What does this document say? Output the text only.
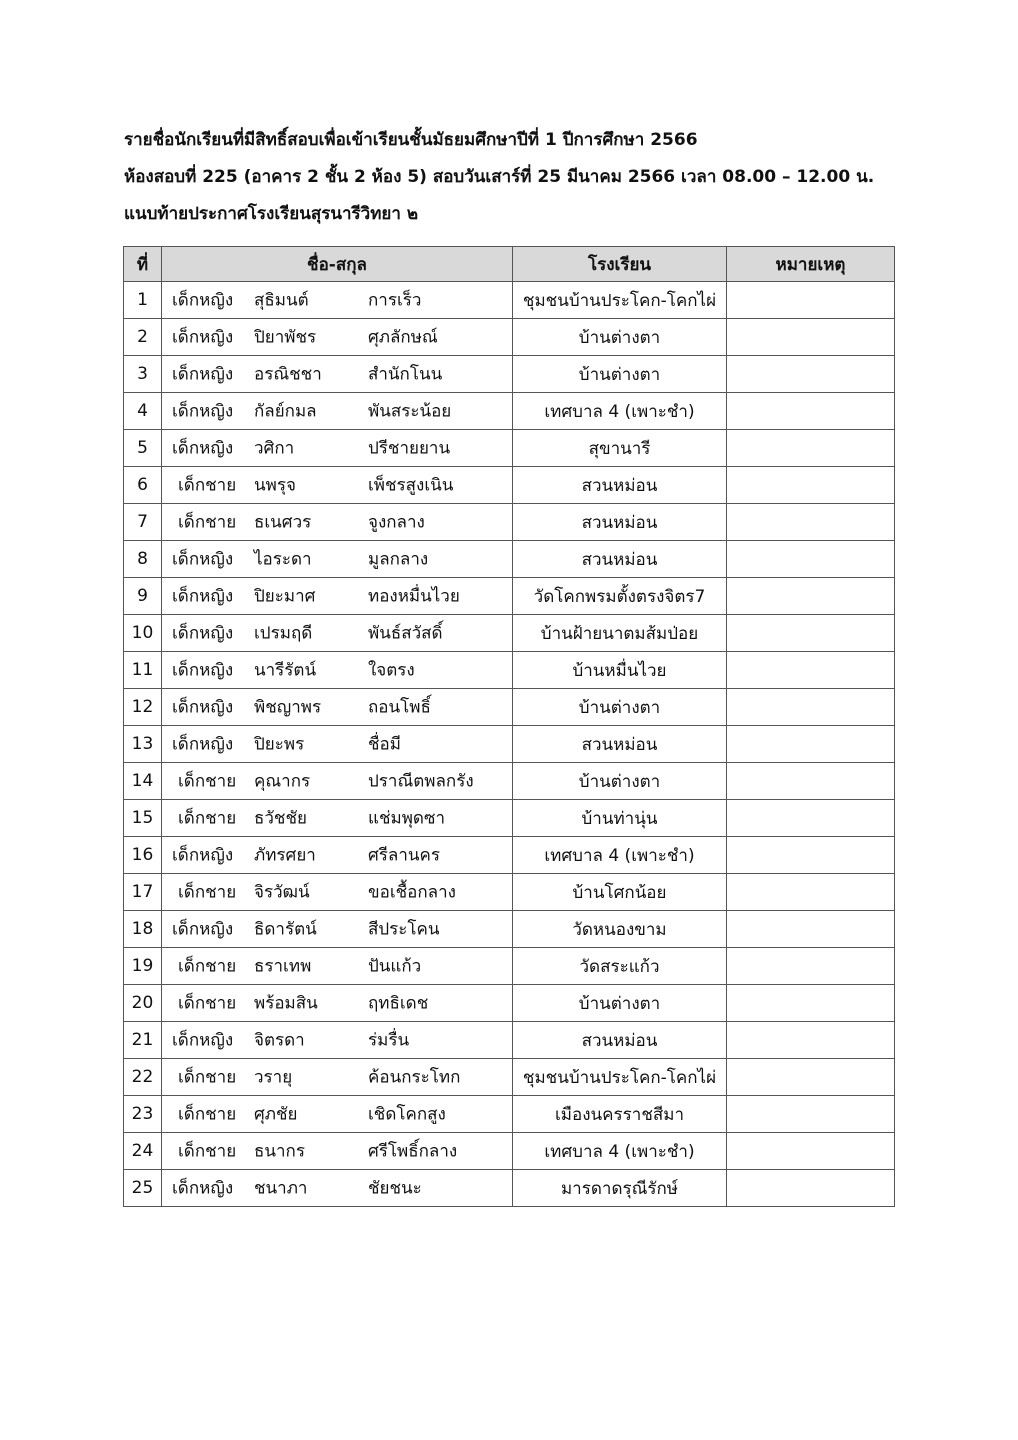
รายชื่อนักเรียนที่มีสิทธิ์สอบเพื่อเข้าเรียนชั้นมัธยมศึกษาปีที่ 1 ปีการศึกษา 2566
ห้องสอบที่ 225 (อาคาร 2 ชั้น 2 ห้อง 5) สอบวันเสาร์ที่ 25 มีนาคม 2566 เวลา 08.00 – 12.00 น.
แนบท้ายประกาศโรงเรียนสุรนารีวิทยา ๒
ที่	ชื่อ-สกุล	โรงเรียน	หมายเหตุ
1	เด็กหญิง สุธิมนต์ การเร็ว	ชุมชนบ้านประโคก-โคกไผ่	
2	เด็กหญิง ปิยาพัชร ศุภลักษณ์	บ้านต่างตา	
3	เด็กหญิง อรณิชชา สำนักโนน	บ้านต่างตา	
4	เด็กหญิง กัลย์กมล พันสระน้อย	เทศบาล 4 (เพาะชำ)	
5	เด็กหญิง วศิกา ปรีชายยาน	สุขานารี	
6	เด็กชาย นพรุจ เพ็ชรสูงเนิน	สวนหม่อน	
7	เด็กชาย ธเนศวร จูงกลาง	สวนหม่อน	
8	เด็กหญิง ไอระดา มูลกลาง	สวนหม่อน	
9	เด็กหญิง ปิยะมาศ ทองหมื่นไวย	วัดโคกพรมตั้งตรงจิตร7	
10	เด็กหญิง เปรมฤดี พันธ์สวัสดิ์	บ้านฝ้ายนาตมส้มป่อย	
11	เด็กหญิง นารีรัตน์ ใจตรง	บ้านหมื่นไวย	
12	เด็กหญิง พิชญาพร ถอนโพธิ์	บ้านต่างตา	
13	เด็กหญิง ปิยะพร ชื่อมี	สวนหม่อน	
14	เด็กชาย คุณากร ปราณีตพลกรัง	บ้านต่างตา	
15	เด็กชาย ธวัชชัย แช่มพุดซา	บ้านท่านุ่น	
16	เด็กหญิง ภัทรศยา ศรีลานคร	เทศบาล 4 (เพาะชำ)	
17	เด็กชาย จิรวัฒน์ ขอเชื้อกลาง	บ้านโศกน้อย	
18	เด็กหญิง ธิดารัตน์ สีประโคน	วัดหนองขาม	
19	เด็กชาย ธราเทพ ปันแก้ว	วัดสระแก้ว	
20	เด็กชาย พร้อมสิน ฤทธิเดช	บ้านต่างตา	
21	เด็กหญิง จิตรดา ร่มรื่น	สวนหม่อน	
22	เด็กชาย วรายุ ค้อนกระโทก	ชุมชนบ้านประโคก-โคกไผ่	
23	เด็กชาย ศุภชัย เชิดโคกสูง	เมืองนครราชสีมา	
24	เด็กชาย ธนากร ศรีโพธิ์กลาง	เทศบาล 4 (เพาะชำ)	
25	เด็กหญิง ชนาภา ชัยชนะ	มารดาดรุณีรักษ์	
